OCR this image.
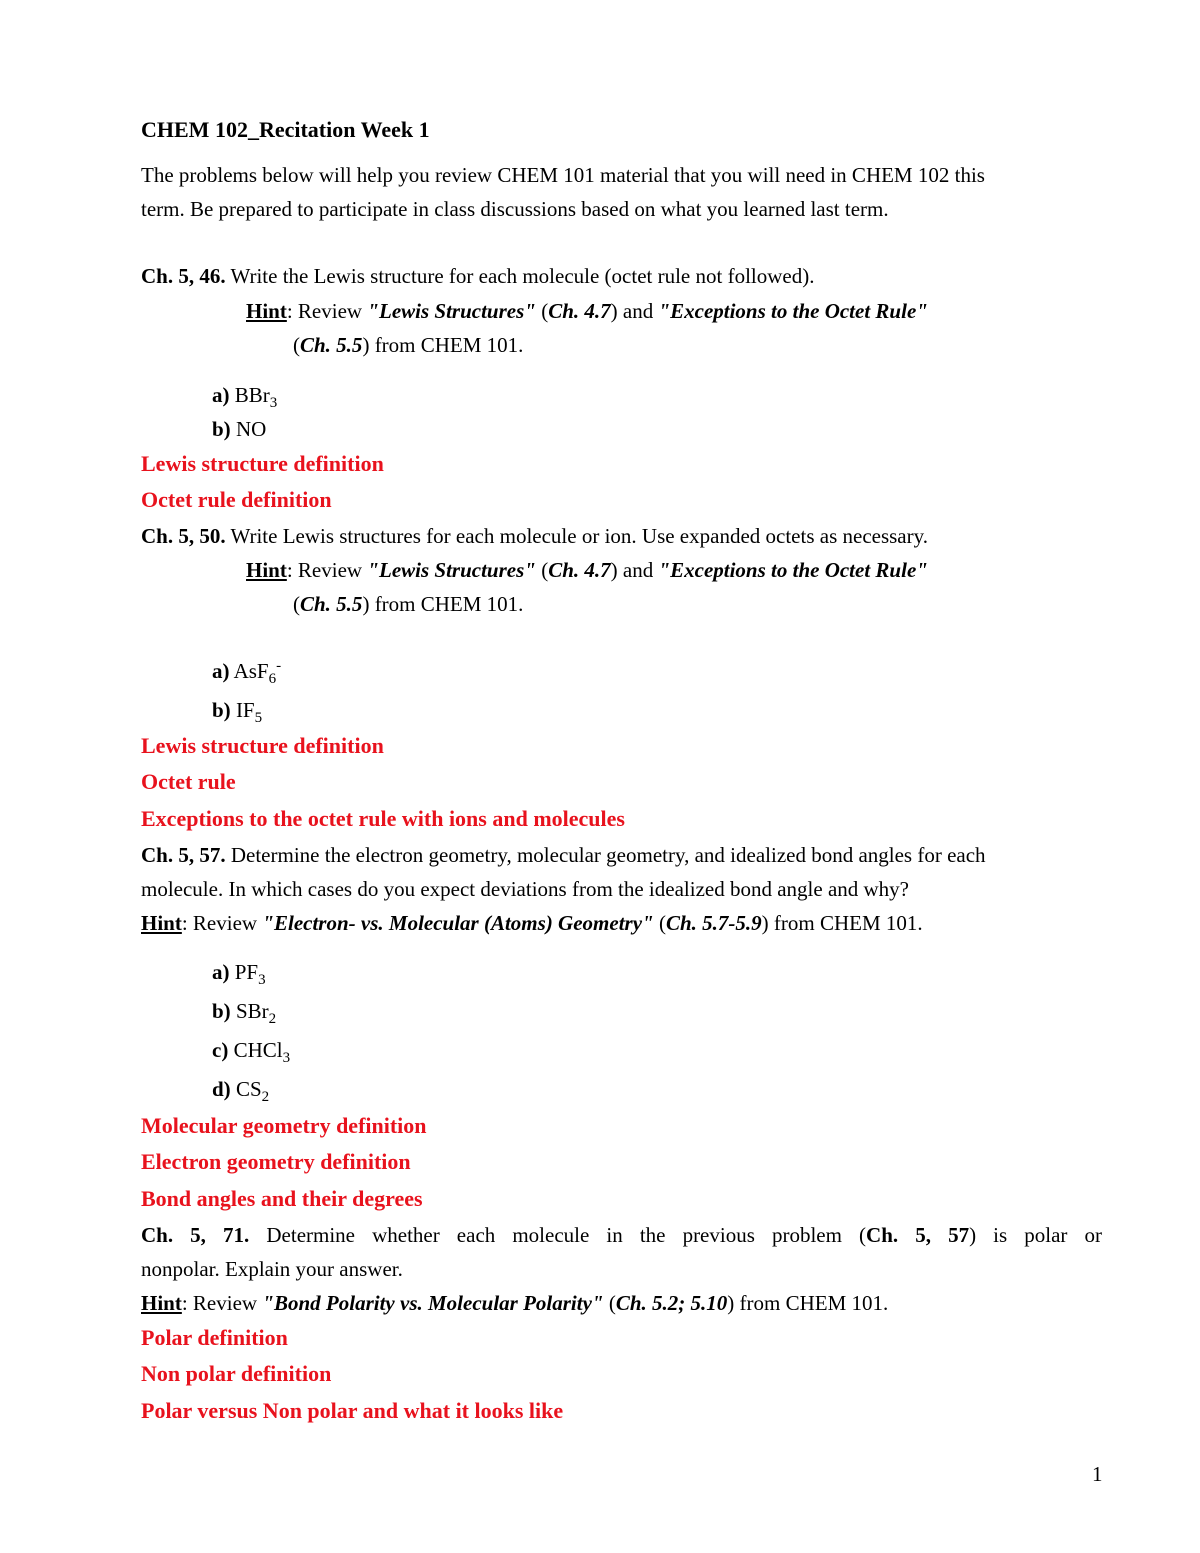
CHEM 102_Recitation Week 1
The problems below will help you review CHEM 101 material that you will need in CHEM 102 this
term. Be prepared to participate in class discussions based on what you learned last term.
Ch. 5, 46. Write the Lewis structure for each molecule (octet rule not followed).
Hint: Review "Lewis Structures" (Ch. 4.7) and "Exceptions to the Octet Rule"
(Ch. 5.5) from CHEM 101.
a) BBr$_3$
b) NO
Lewis structure definition
Octet rule definition
Ch. 5, 50. Write Lewis structures for each molecule or ion. Use expanded octets as necessary.
Hint: Review "Lewis Structures" (Ch. 4.7) and "Exceptions to the Octet Rule"
(Ch. 5.5) from CHEM 101.
a) AsF$_6$-
b) $IF_5$
Lewis structure definition
Octet rule
Exceptions to the octet rule with ions and molecules
Ch. 5, 57. Determine the electron geometry, molecular geometry, and idealized bond angles for each
molecule. In which cases do you expect deviations from the idealized bond angle and why?
Hint: Review "Electron- vs. Molecular (Atoms) Geometry" (Ch. 5.7-5.9) from CHEM 101.
a) $PF_3$
b) SBr$_2$
c) CHCl$_3$
d) $CS_2$
Molecular geometry definition
Electron geometry definition
Bond angles and their degrees
Ch. 5, 71. Determine whether each molecule in the previous problem (Ch. 5, 57) is polar or
nonpolar. Explain your answer.
Hint: Review "Bond Polarity vs. Molecular Polarity" (Ch. 5.2; 5.10) from CHEM 101.
Polar definition
Non polar definition
Polar versus Non polar and what it looks like
1
